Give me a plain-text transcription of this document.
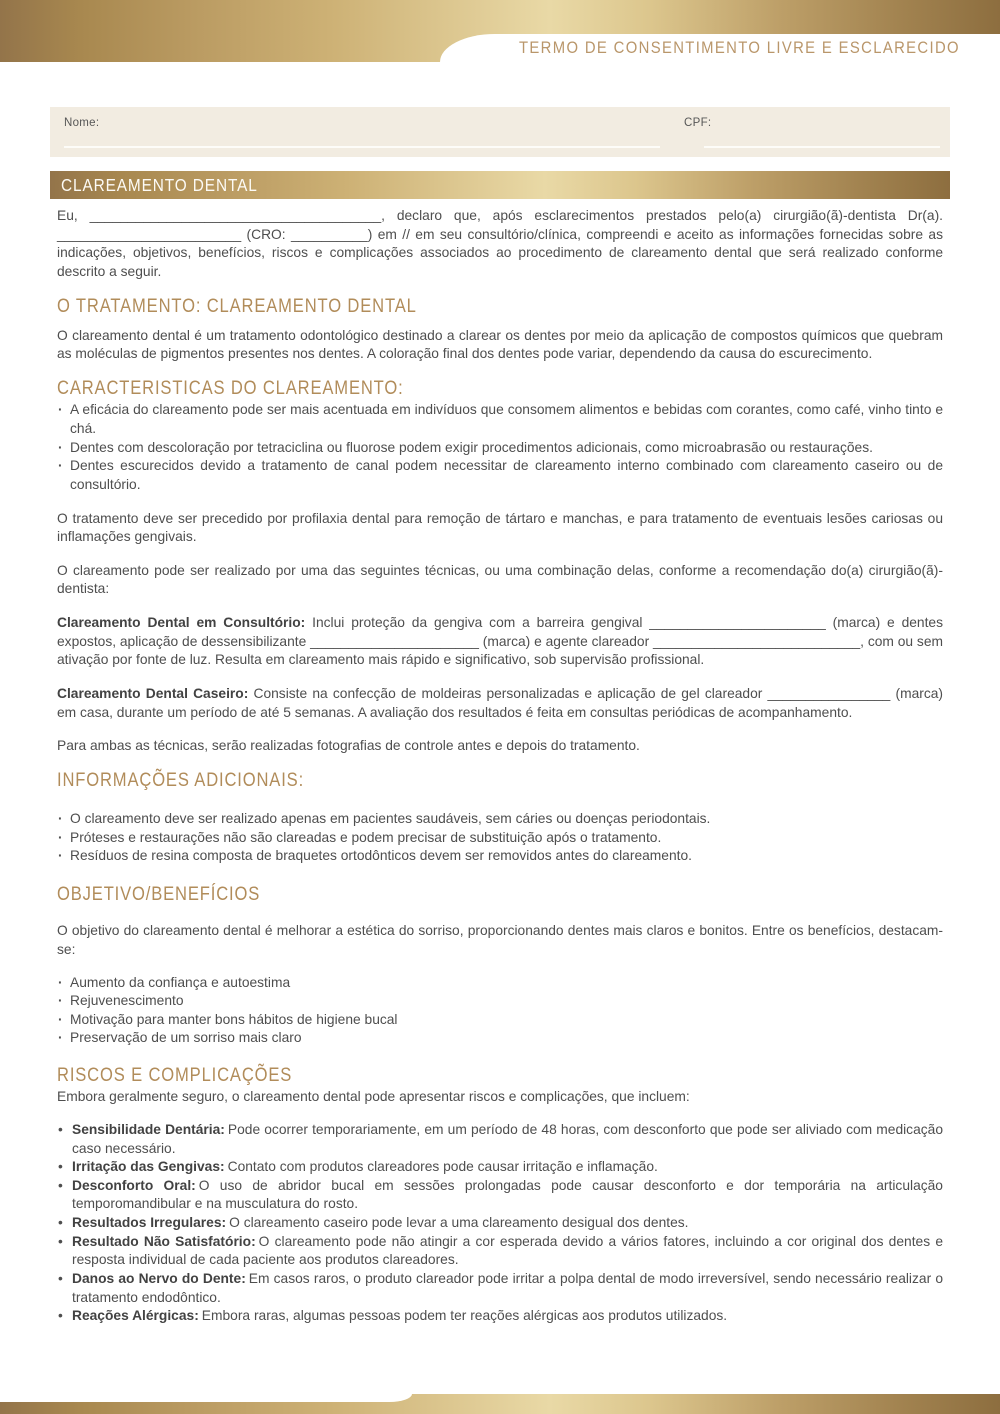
TERMO DE CONSENTIMENTO LIVRE E ESCLARECIDO
Nome:	CPF:
CLAREAMENTO DENTAL

Eu, ______________________________________, declaro que, após esclarecimentos prestados pelo(a) cirurgião(ã)-dentista Dr(a). ________________________ (CRO: __________) em // em seu consultório/clínica, compreendi e aceito as informações fornecidas sobre as indicações, objetivos, benefícios, riscos e complicações associados ao procedimento de clareamento dental que será realizado conforme descrito a seguir.

O TRATAMENTO: CLAREAMENTO DENTAL

O clareamento dental é um tratamento odontológico destinado a clarear os dentes por meio da aplicação de compostos químicos que quebram as moléculas de pigmentos presentes nos dentes. A coloração final dos dentes pode variar, dependendo da causa do escurecimento.

CARACTERISTICAS DO CLAREAMENTO:
· A eficácia do clareamento pode ser mais acentuada em indivíduos que consomem alimentos e bebidas com corantes, como café, vinho tinto e chá.
· Dentes com descoloração por tetraciclina ou fluorose podem exigir procedimentos adicionais, como microabrasão ou restaurações.
· Dentes escurecidos devido a tratamento de canal podem necessitar de clareamento interno combinado com clareamento caseiro ou de consultório.

O tratamento deve ser precedido por profilaxia dental para remoção de tártaro e manchas, e para tratamento de eventuais lesões cariosas ou inflamações gengivais.

O clareamento pode ser realizado por uma das seguintes técnicas, ou uma combinação delas, conforme a recomendação do(a) cirurgião(ã)-dentista:

Clareamento Dental em Consultório: Inclui proteção da gengiva com a barreira gengival _______________________ (marca) e dentes expostos, aplicação de dessensibilizante ______________________ (marca) e agente clareador ___________________________, com ou sem ativação por fonte de luz. Resulta em clareamento mais rápido e significativo, sob supervisão profissional.

Clareamento Dental Caseiro: Consiste na confecção de moldeiras personalizadas e aplicação de gel clareador ________________ (marca) em casa, durante um período de até 5 semanas. A avaliação dos resultados é feita em consultas periódicas de acompanhamento.

Para ambas as técnicas, serão realizadas fotografias de controle antes e depois do tratamento.

INFORMAÇÕES ADICIONAIS:
· O clareamento deve ser realizado apenas em pacientes saudáveis, sem cáries ou doenças periodontais.
· Próteses e restaurações não são clareadas e podem precisar de substituição após o tratamento.
· Resíduos de resina composta de braquetes ortodônticos devem ser removidos antes do clareamento.
OBJETIVO/BENEFÍCIOS

O objetivo do clareamento dental é melhorar a estética do sorriso, proporcionando dentes mais claros e bonitos. Entre os benefícios, destacam-se:

· Aumento da confiança e autoestima
· Rejuvenescimento
· Motivação para manter bons hábitos de higiene bucal
· Preservação de um sorriso mais claro
RISCOS E COMPLICAÇÕES

Embora geralmente seguro, o clareamento dental pode apresentar riscos e complicações, que incluem:

• Sensibilidade Dentária: Pode ocorrer temporariamente, em um período de 48 horas, com desconforto que pode ser aliviado com medicação caso necessário.
• Irritação das Gengivas: Contato com produtos clareadores pode causar irritação e inflamação.
• Desconforto Oral: O uso de abridor bucal em sessões prolongadas pode causar desconforto e dor temporária na articulação temporomandibular e na musculatura do rosto.
• Resultados Irregulares: O clareamento caseiro pode levar a uma clareamento desigual dos dentes.
• Resultado Não Satisfatório: O clareamento pode não atingir a cor esperada devido a vários fatores, incluindo a cor original dos dentes e resposta individual de cada paciente aos produtos clareadores.
• Danos ao Nervo do Dente: Em casos raros, o produto clareador pode irritar a polpa dental de modo irreversível, sendo necessário realizar o tratamento endodôntico.
• Reações Alérgicas: Embora raras, algumas pessoas podem ter reações alérgicas aos produtos utilizados.
